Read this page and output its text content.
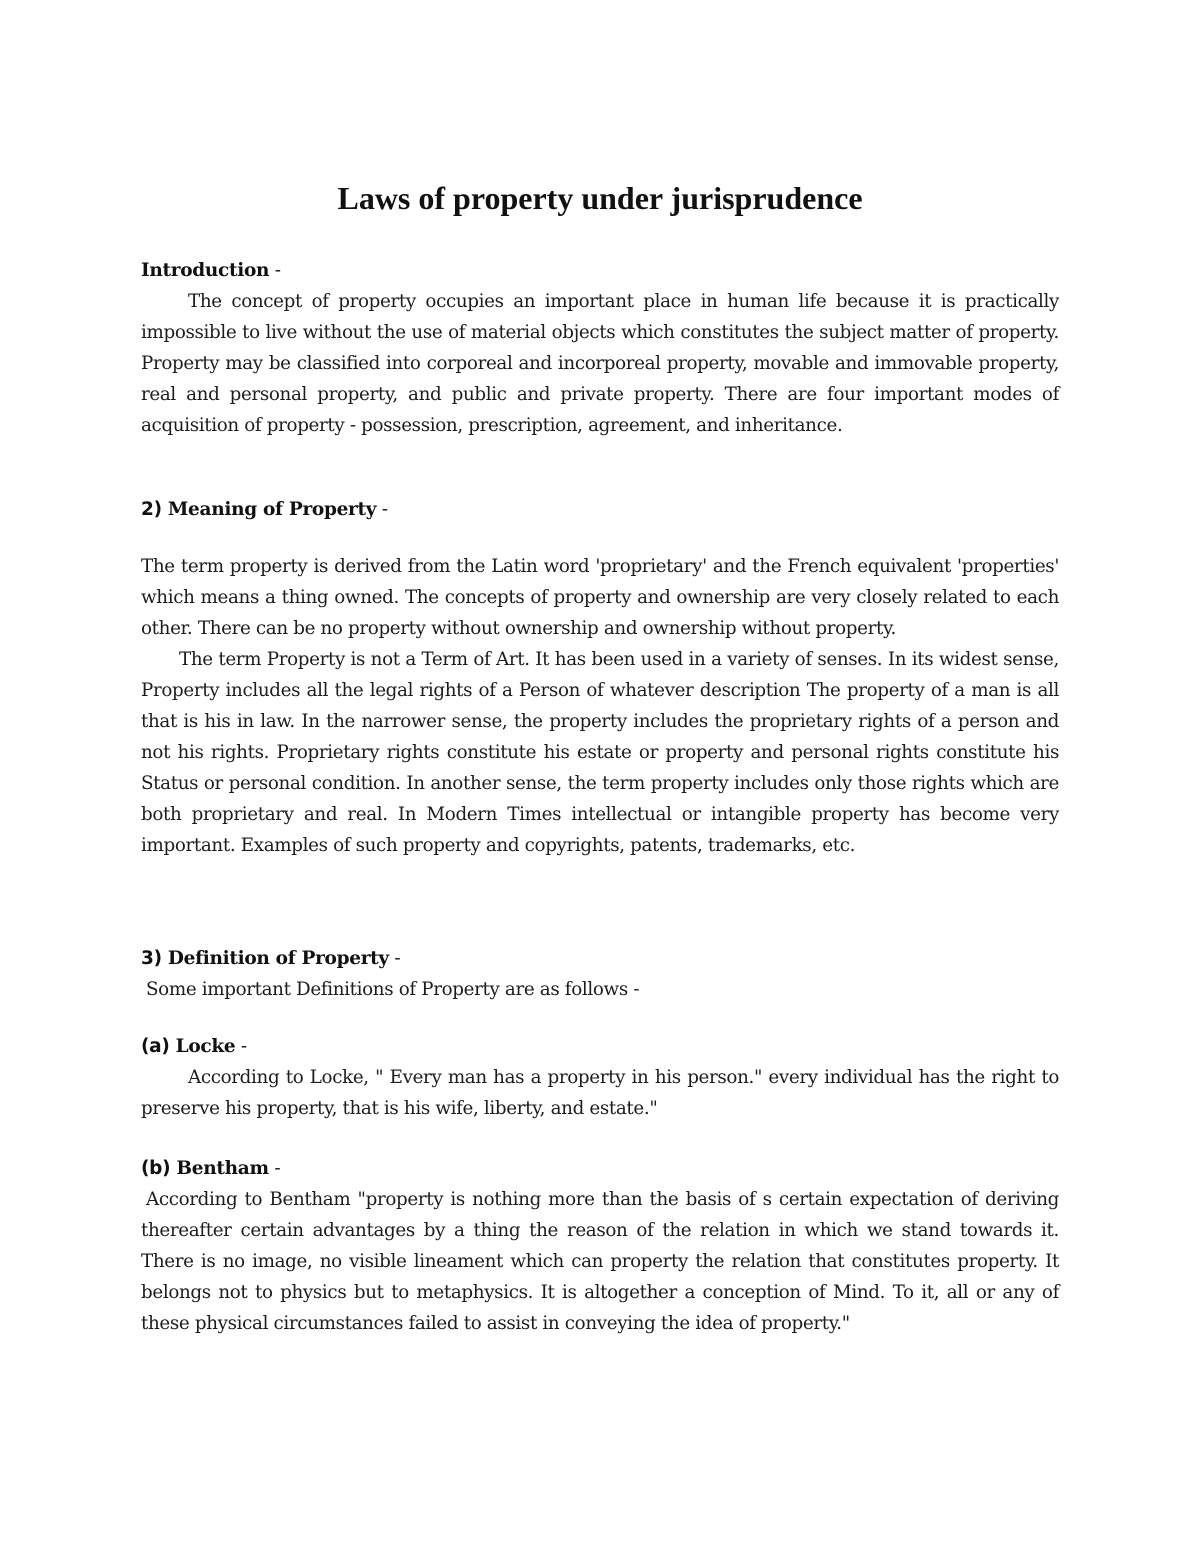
Laws of property under jurisprudence

Introduction -

The concept of property occupies an important place in human life because it is practically impossible to live without the use of material objects which constitutes the subject matter of property. Property may be classified into corporeal and incorporeal property, movable and immovable property, real and personal property, and public and private property. There are four important modes of acquisition of property - possession, prescription, agreement, and inheritance.

2) Meaning of Property -

The term property is derived from the Latin word 'proprietary' and the French equivalent 'properties' which means a thing owned. The concepts of property and ownership are very closely related to each other. There can be no property without ownership and ownership without property.

The term Property is not a Term of Art. It has been used in a variety of senses. In its widest sense, Property includes all the legal rights of a Person of whatever description The property of a man is all that is his in law. In the narrower sense, the property includes the proprietary rights of a person and not his rights. Proprietary rights constitute his estate or property and personal rights constitute his Status or personal condition. In another sense, the term property includes only those rights which are both proprietary and real. In Modern Times intellectual or intangible property has become very important. Examples of such property and copyrights, patents, trademarks, etc.

3) Definition of Property -

Some important Definitions of Property are as follows -

(a) Locke -

According to Locke, " Every man has a property in his person." every individual has the right to preserve his property, that is his wife, liberty, and estate."

(b) Bentham -

According to Bentham "property is nothing more than the basis of s certain expectation of deriving thereafter certain advantages by a thing the reason of the relation in which we stand towards it. There is no image, no visible lineament which can property the relation that constitutes property. It belongs not to physics but to metaphysics. It is altogether a conception of Mind. To it, all or any of these physical circumstances failed to assist in conveying the idea of property."
